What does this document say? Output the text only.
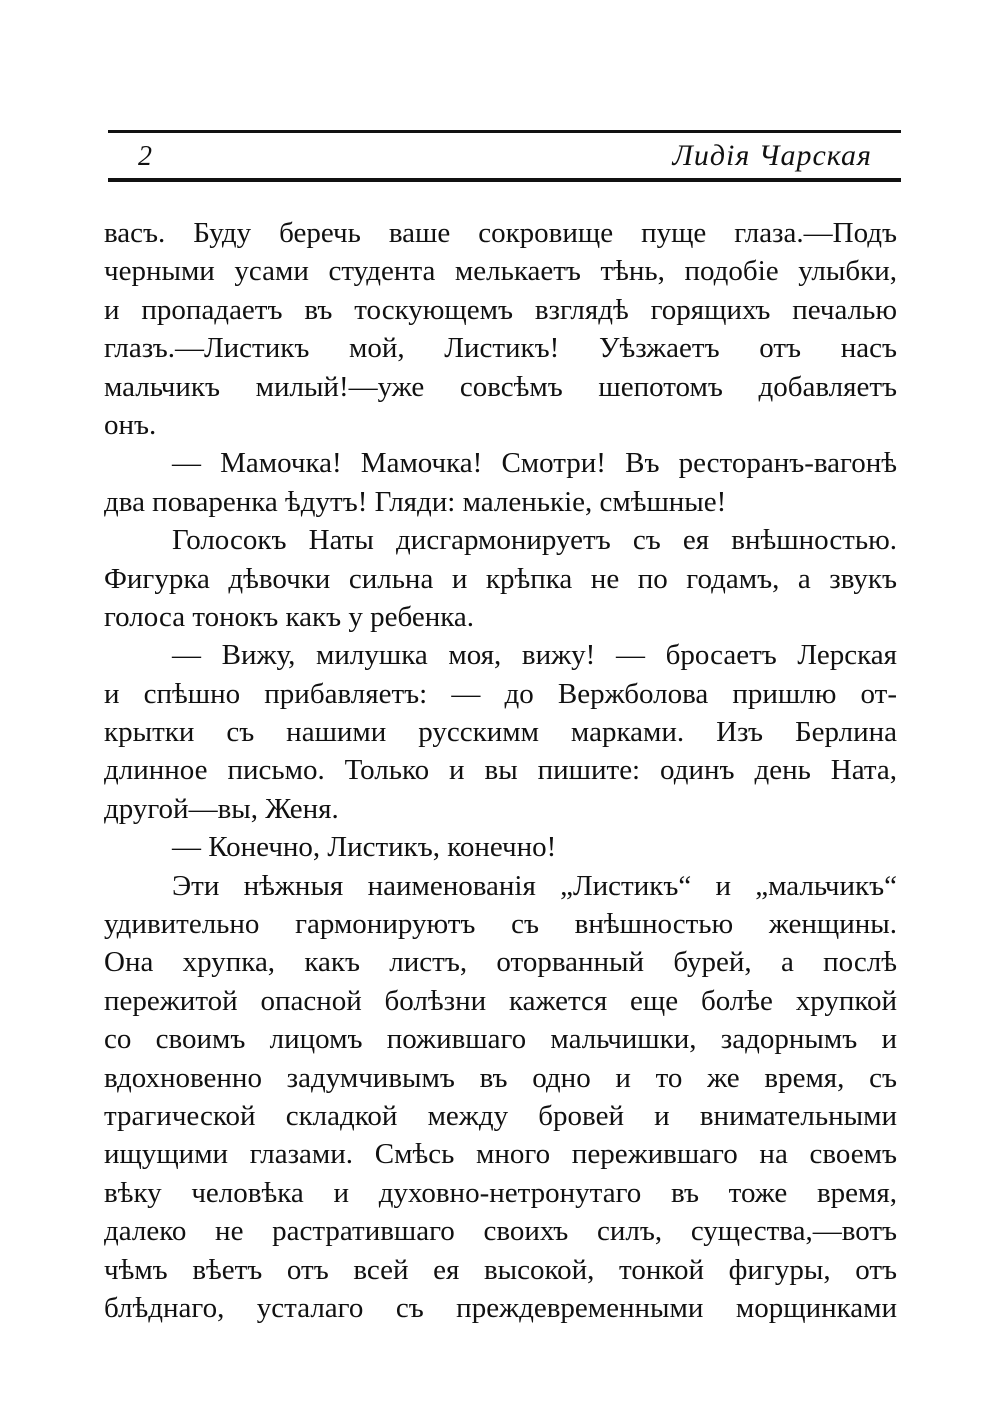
2	Лидія Чарская
васъ. Буду беречь ваше сокровище пуще глаза.—Подъ
черными усами студента мелькаетъ тѣнь, подобіе улыбки,
и пропадаетъ въ тоскующемъ взглядѣ горящихъ печалью
глазъ.—Листикъ мой, Листикъ! Уѣзжаетъ отъ насъ
мальчикъ милый!—уже совсѣмъ шепотомъ добавляетъ
онъ.
— Мамочка! Мамочка! Смотри! Въ ресторанъ-вагонѣ
два поваренка ѣдутъ! Гляди: маленькіе, смѣшные!
Голосокъ Наты дисгармонируетъ съ ея внѣшностью.
Фигурка дѣвочки сильна и крѣпка не по годамъ, а звукъ
голоса тонокъ какъ у ребенка.
— Вижу, милушка моя, вижу! — бросаетъ Лерская
и спѣшно прибавляетъ: — до Вержболова пришлю от-
крытки съ нашими русскимм марками. Изъ Берлина
длинное письмо. Только и вы пишите: одинъ день Ната,
другой—вы, Женя.
— Конечно, Листикъ, конечно!
Эти нѣжныя наименованія „Листикъ“ и „мальчикъ“
удивительно гармонируютъ съ внѣшностью женщины.
Она хрупка, какъ листъ, оторванный бурей, а послѣ
пережитой опасной болѣзни кажется еще болѣе хрупкой
со своимъ лицомъ пожившаго мальчишки, задорнымъ и
вдохновенно задумчивымъ въ одно и то же время, съ
трагической складкой между бровей и внимательными
ищущими глазами. Смѣсь много пережившаго на своемъ
вѣку человѣка и духовно-нетронутаго въ тоже время,
далеко не растратившаго своихъ силъ, существа,—вотъ
чѣмъ вѣетъ отъ всей ея высокой, тонкой фигуры, отъ
блѣднаго, усталаго съ преждевременными морщинками
